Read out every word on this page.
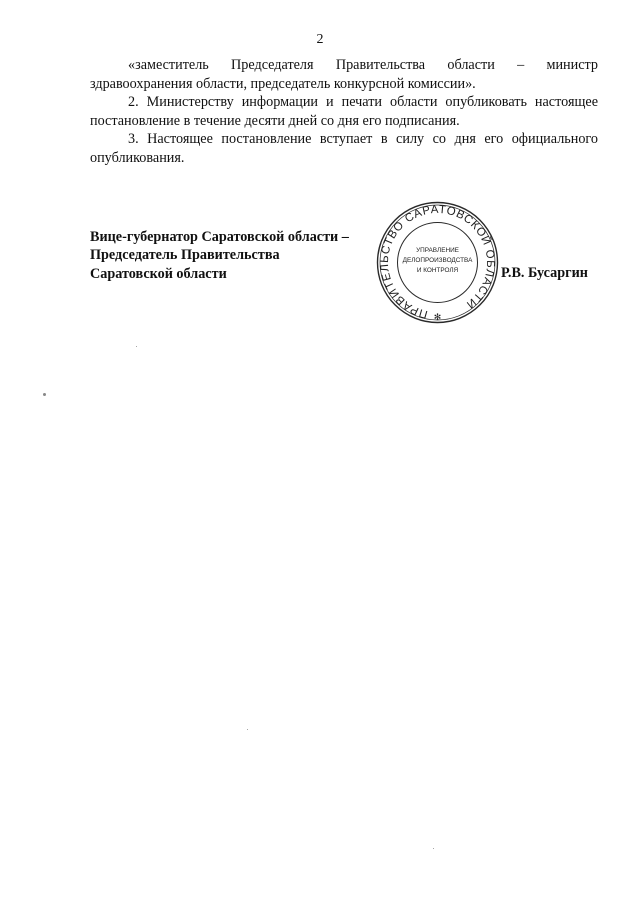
2

«заместитель Председателя Правительства области – министр здравоохранения области, председатель конкурсной комиссии».

2. Министерству информации и печати области опубликовать настоящее постановление в течение десяти дней со дня его подписания.

3. Настоящее постановление вступает в силу со дня его официального опубликования.

Вице-губернатор Саратовской области –
Председатель Правительства
Саратовской области	Р.В. Бусаргин
ПРАВИТЕЛЬСТВО САРАТОВСКОЙ ОБЛАСТИ
УПРАВЛЕНИЕ
ДЕЛОПРОИЗВОДСТВА
И КОНТРОЛЯ
✻
